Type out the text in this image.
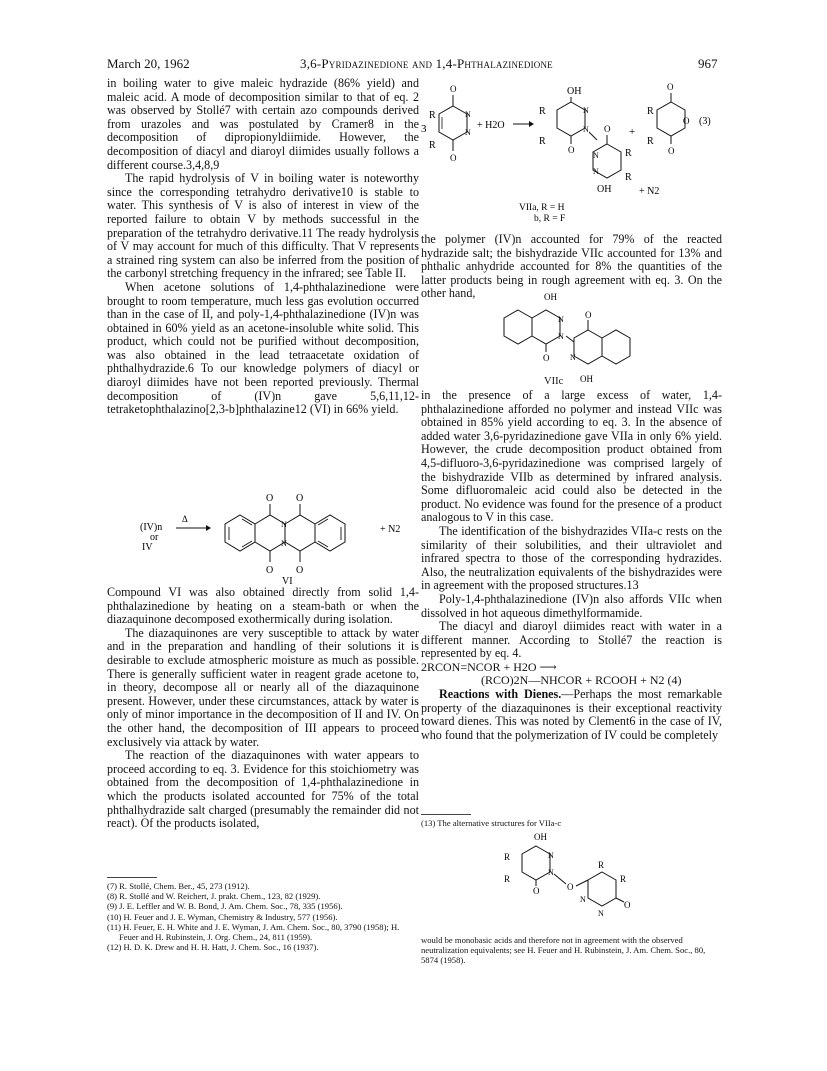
March 20, 1962	3,6-Pyridazinedione and 1,4-Phthalazinedione	967

in boiling water to give maleic hydrazide (86% yield) and maleic acid. A mode of decomposition similar to that of eq. 2 was observed by Stollé7 with certain azo compounds derived from urazoles and was postulated by Cramer8 in the decomposition of dipropionyldiimide. However, the decomposition of diacyl and diaroyl diimides usually follows a different course.3,4,8,9

The rapid hydrolysis of V in boiling water is noteworthy since the corresponding tetrahydro derivative10 is stable to water. This synthesis of V is also of interest in view of the reported failure to obtain V by methods successful in the preparation of the tetrahydro derivative.11 The ready hydrolysis of V may account for much of this difficulty. That V represents a strained ring system can also be inferred from the position of the carbonyl stretching frequency in the infrared; see Table II.

When acetone solutions of 1,4-phthalazinedione were brought to room temperature, much less gas evolution occurred than in the case of II, and poly-1,4-phthalazinedione (IV)n was obtained in 60% yield as an acetone-insoluble white solid. This product, which could not be purified without decomposition, was also obtained in the lead tetraacetate oxidation of phthalhydrazide.6 To our knowledge polymers of diacyl or diaroyl diimides have not been reported previously. Thermal decomposition of (IV)n gave 5,6,11,12-tetraketophthalazino[2,3-b]phthalazine12 (VI) in 66% yield.

(IV)n
or
IV
Δ
O O
O O
N
N
+ N2
VI

Compound VI was also obtained directly from solid 1,4-phthalazinedione by heating on a steam-bath or when the diazaquinone decomposed exothermically during isolation.

The diazaquinones are very susceptible to attack by water and in the preparation and handling of their solutions it is desirable to exclude atmospheric moisture as much as possible. There is generally sufficient water in reagent grade acetone to, in theory, decompose all or nearly all of the diazaquinone present. However, under these circumstances, attack by water is only of minor importance in the decomposition of II and IV. On the other hand, the decomposition of III appears to proceed exclusively via attack by water.

The reaction of the diazaquinones with water appears to proceed according to eq. 3. Evidence for this stoichiometry was obtained from the decomposition of 1,4-phthalazinedione in which the products isolated accounted for 75% of the total phthalhydrazide salt charged (presumably the remainder did not react). Of the products isolated,

(7) R. Stollé, Chem. Ber., 45, 273 (1912).

(8) R. Stollé and W. Reichert, J. prakt. Chem., 123, 82 (1929).

(9) J. E. Leffler and W. B. Bond, J. Am. Chem. Soc., 78, 335 (1956).

(10) H. Feuer and J. E. Wyman, Chemistry & Industry, 577 (1956).

(11) H. Feuer, E. H. White and J. E. Wyman, J. Am. Chem. Soc., 80, 3790 (1958); H. Feuer and H. Rubinstein, J. Org. Chem., 24, 811 (1959).

(12) H. D. K. Drew and H. H. Hatt, J. Chem. Soc., 16 (1937).

3
R
R
O
O
N
N
+ H2O
OH
R
R
O
N
N
N
N
O
R
R
OH
+
+ N2
O
R
R
O
O (3)
VIIa, R = H
b, R = F

the polymer (IV)n accounted for 79% of the reacted hydrazide salt; the bishydrazide VIIc accounted for 13% and phthalic anhydride accounted for 8% the quantities of the latter products being in rough agreement with eq. 3. On the other hand,	OH
O
N
N
O
N
OH
VIIc

in the presence of a large excess of water, 1,4-phthalazinedione afforded no polymer and instead VIIc was obtained in 85% yield according to eq. 3. In the absence of added water 3,6-pyridazinedione gave VIIa in only 6% yield. However, the crude decomposition product obtained from 4,5-difluoro-3,6-pyridazinedione was comprised largely of the bishydrazide VIIb as determined by infrared analysis. Some difluoromaleic acid could also be detected in the product. No evidence was found for the presence of a product analogous to V in this case.

The identification of the bishydrazides VIIa-c rests on the similarity of their solubilities, and their ultraviolet and infrared spectra to those of the corresponding hydrazides. Also, the neutralization equivalents of the bishydrazides were in agreement with the proposed structures.13

Poly-1,4-phthalazinedione (IV)n also affords VIIc when dissolved in hot aqueous dimethylformamide.

The diacyl and diaroyl diimides react with water in a different manner. According to Stollé7 the reaction is represented by eq. 4.

2RCON=NCOR + H2O ⟶

(RCO)2N—NHCOR + RCOOH + N2 (4)

Reactions with Dienes.—Perhaps the most remarkable property of the diazaquinones is their exceptional reactivity toward dienes. This was noted by Clement6 in the case of IV, who found that the polymerization of IV could be completely

(13) The alternative structures for VIIa-c
OH
R
R
N
N
O	O
R
R
N
N
O
would be monobasic acids and therefore not in agreement with the observed neutralization equivalents; see H. Feuer and H. Rubinstein, J. Am. Chem. Soc., 80, 5874 (1958).
